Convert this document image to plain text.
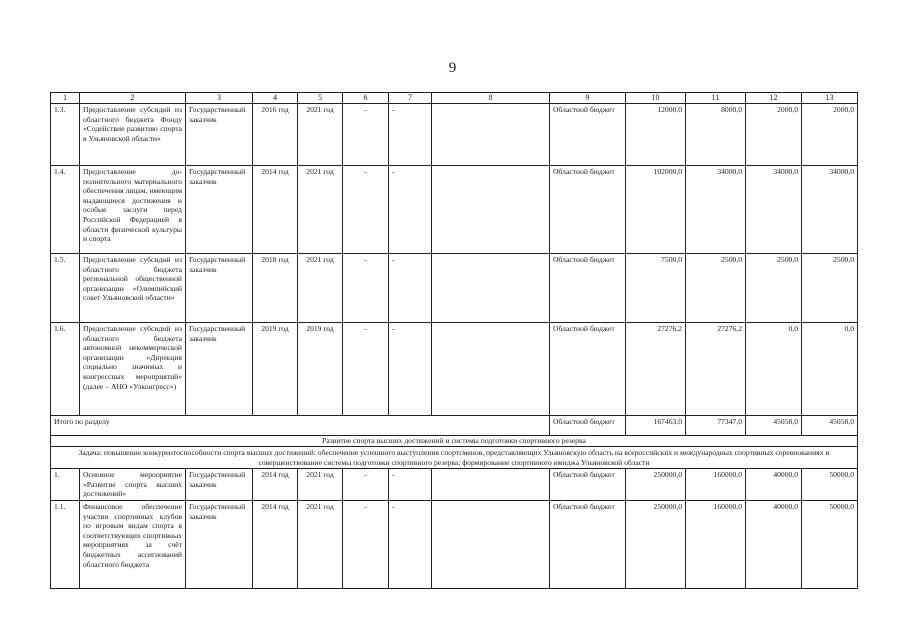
9
1	2	3	4	5	6	7	8	9	10	11	12	13
1.3.	Предоставление субсидий из областного бюджета Фонду «Содействие развитию спорта в Ульяновской области»	Государственный заказчик	2016 год	2021 год	-	-		Областной бюджет	12000,0	8000,0	2000,0	2000,0
1.4.	Предоставление дополнительного материального обеспечения лицам, имеющим выдающиеся достижения и особые заслуги перед Российской Федерацией в области физической культуры и спорта	Государственный заказчик	2014 год	2021 год	-	-		Областной бюджет	102000,0	34000,0	34000,0	34000,0
1.5.	Предоставление субсидий из областного бюджета региональной общественной организации «Олимпийский совет Ульяновской области»	Государственный заказчик	2018 год	2021 год	-	-		Областной бюджет	7500,0	2500,0	2500,0	2500,0
1.6.	Предоставление субсидий из областного бюджета автономной некоммерческой организации «Дирекция социально значимых и конгрессных мероприятий» (далее – АНО «Улконгресс»)	Государственный заказчик	2019 год	2019 год	-	-		Областной бюджет	27276,2	27276,2	0,0	0,0
Итого по разделу								Областной бюджет	167463,0	77347,0	45058,0	45058,0
Развитие спорта высших достижений и системы подготовки спортивного резерва												
Задача: повышение конкурентоспособности спорта высших достижений: обеспечение успешного выступления спортсменов, представляющих Ульяновскую область на всероссийских и международных спортивных соревнованиях и совершенствование системы подготовки спортивного резерва; формирование спортивного имиджа Ульяновской области												
1.	Основное мероприятие «Развитие спорта высших достижений»	Государственный заказчик	2014 год	2021 год	-	-		Областной бюджет	250000,0	160000,0	40000,0	50000,0
1.1.	Финансовое обеспечение участия спортивных клубов по игровым видам спорта в соответствующих спортивных мероприятиях за счёт бюджетных ассигнований областного бюджета	Государственный заказчик	2014 год	2021 год	-	-		Областной бюджет	250000,0	160000,0	40000,0	50000,0
